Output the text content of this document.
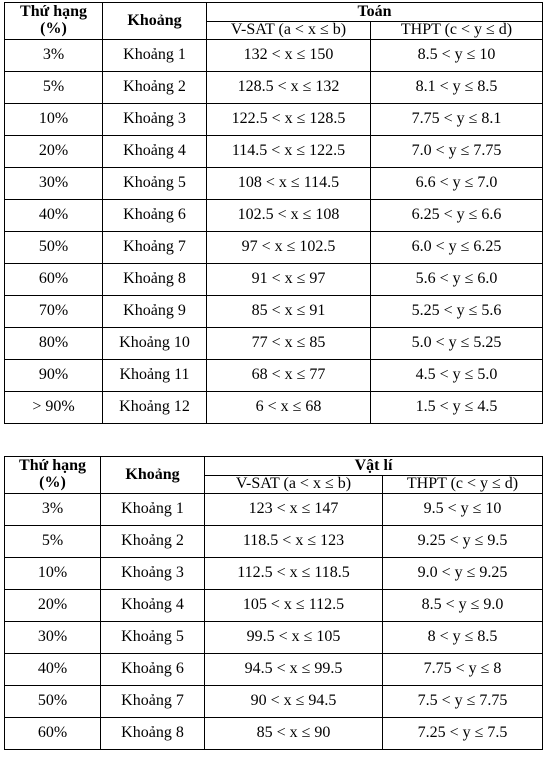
Thứ hạng
(%)	Khoảng	Toán	
		V-SAT (a < x ≤ b)	THPT (c < y ≤ d)
3%	Khoảng 1	132 < x ≤ 150	8.5 < y ≤ 10
5%	Khoảng 2	128.5 < x ≤ 132	8.1 < y ≤ 8.5
10%	Khoảng 3	122.5 < x ≤ 128.5	7.75 < y ≤ 8.1
20%	Khoảng 4	114.5 < x ≤ 122.5	7.0 < y ≤ 7.75
30%	Khoảng 5	108 < x ≤ 114.5	6.6 < y ≤ 7.0
40%	Khoảng 6	102.5 < x ≤ 108	6.25 < y ≤ 6.6
50%	Khoảng 7	97 < x ≤ 102.5	6.0 < y ≤ 6.25
60%	Khoảng 8	91 < x ≤ 97	5.6 < y ≤ 6.0
70%	Khoảng 9	85 < x ≤ 91	5.25 < y ≤ 5.6
80%	Khoảng 10	77 < x ≤ 85	5.0 < y ≤ 5.25
90%	Khoảng 11	68 < x ≤ 77	4.5 < y ≤ 5.0
> 90%	Khoảng 12	6 < x ≤ 68	1.5 < y ≤ 4.5
Thứ hạng
(%)	Khoảng	Vật lí	
		V-SAT (a < x ≤ b)	THPT (c < y ≤ d)
3%	Khoảng 1	123 < x ≤ 147	9.5 < y ≤ 10
5%	Khoảng 2	118.5 < x ≤ 123	9.25 < y ≤ 9.5
10%	Khoảng 3	112.5 < x ≤ 118.5	9.0 < y ≤ 9.25
20%	Khoảng 4	105 < x ≤ 112.5	8.5 < y ≤ 9.0
30%	Khoảng 5	99.5 < x ≤ 105	8 < y ≤ 8.5
40%	Khoảng 6	94.5 < x ≤ 99.5	7.75 < y ≤ 8
50%	Khoảng 7	90 < x ≤ 94.5	7.5 < y ≤ 7.75
60%	Khoảng 8	85 < x ≤ 90	7.25 < y ≤ 7.5
